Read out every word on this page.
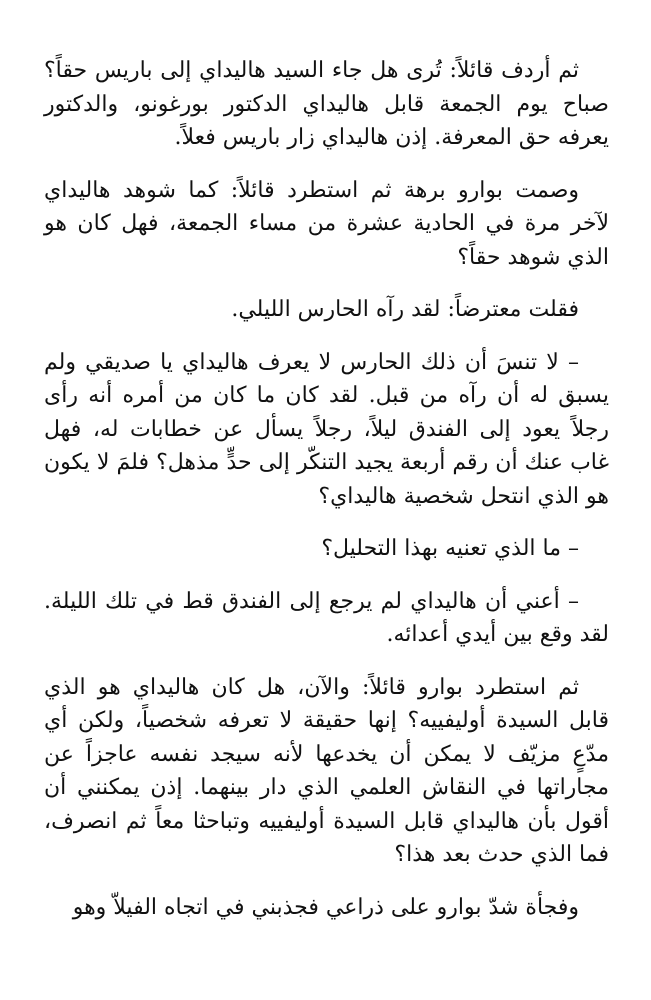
ثم أردف قائلاً: تُرى هل جاء السيد هاليداي إلى باريس حقاً؟ صباح يوم الجمعة قابل هاليداي الدكتور بورغونو، والدكتور يعرفه حق المعرفة. إذن هاليداي زار باريس فعلاً.

وصمت بوارو برهة ثم استطرد قائلاً: كما شوهد هاليداي لآخر مرة في الحادية عشرة من مساء الجمعة، فهل كان هو الذي شوهد حقاً؟

فقلت معترضاً: لقد رآه الحارس الليلي.

– لا تنسَ أن ذلك الحارس لا يعرف هاليداي يا صديقي ولم يسبق له أن رآه من قبل. لقد كان ما كان من أمره أنه رأى رجلاً يعود إلى الفندق ليلاً، رجلاً يسأل عن خطابات له، فهل غاب عنك أن رقم أربعة يجيد التنكّر إلى حدٍّ مذهل؟ فلمَ لا يكون هو الذي انتحل شخصية هاليداي؟

– ما الذي تعنيه بهذا التحليل؟

– أعني أن هاليداي لم يرجع إلى الفندق قط في تلك الليلة. لقد وقع بين أيدي أعدائه.

ثم استطرد بوارو قائلاً: والآن، هل كان هاليداي هو الذي قابل السيدة أوليفييه؟ إنها حقيقة لا تعرفه شخصياً، ولكن أي مدّعٍ مزيّف لا يمكن أن يخدعها لأنه سيجد نفسه عاجزاً عن مجاراتها في النقاش العلمي الذي دار بينهما. إذن يمكنني أن أقول بأن هاليداي قابل السيدة أوليفييه وتباحثا معاً ثم انصرف، فما الذي حدث بعد هذا؟

وفجأة شدّ بوارو على ذراعي فجذبني في اتجاه الفيلاّ وهو
